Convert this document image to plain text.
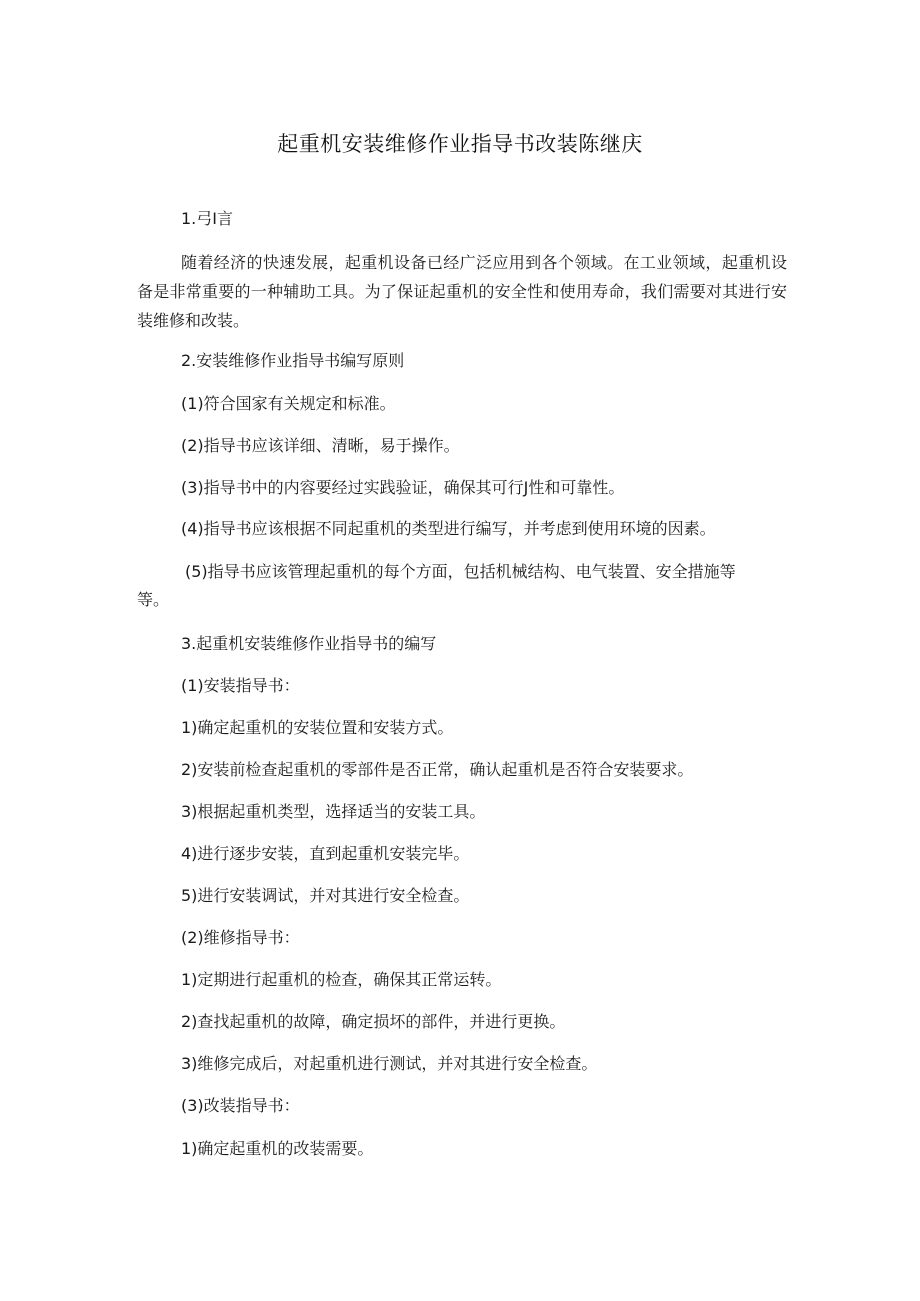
起重机安装维修作业指导书改装陈继庆
1.弓I言
随着经济的快速发展，起重机设备已经广泛应用到各个领域。在工业领域，起重机设备是非常重要的一种辅助工具。为了保证起重机的安全性和使用寿命，我们需要对其进行安装维修和改装。
2.安装维修作业指导书编写原则
(1)符合国家有关规定和标准。
(2)指导书应该详细、清晰，易于操作。
(3)指导书中的内容要经过实践验证，确保其可行J性和可靠性。
(4)指导书应该根据不同起重机的类型进行编写，并考虑到使用环境的因素。
(5)指导书应该管理起重机的每个方面，包括机械结构、电气装置、安全措施等
等。
3.起重机安装维修作业指导书的编写
(1)安装指导书：
1)确定起重机的安装位置和安装方式。
2)安装前检查起重机的零部件是否正常，确认起重机是否符合安装要求。
3)根据起重机类型，选择适当的安装工具。
4)进行逐步安装，直到起重机安装完毕。
5)进行安装调试，并对其进行安全检查。
(2)维修指导书：
1)定期进行起重机的检查，确保其正常运转。
2)查找起重机的故障，确定损坏的部件，并进行更换。
3)维修完成后，对起重机进行测试，并对其进行安全检查。
(3)改装指导书：
1)确定起重机的改装需要。
